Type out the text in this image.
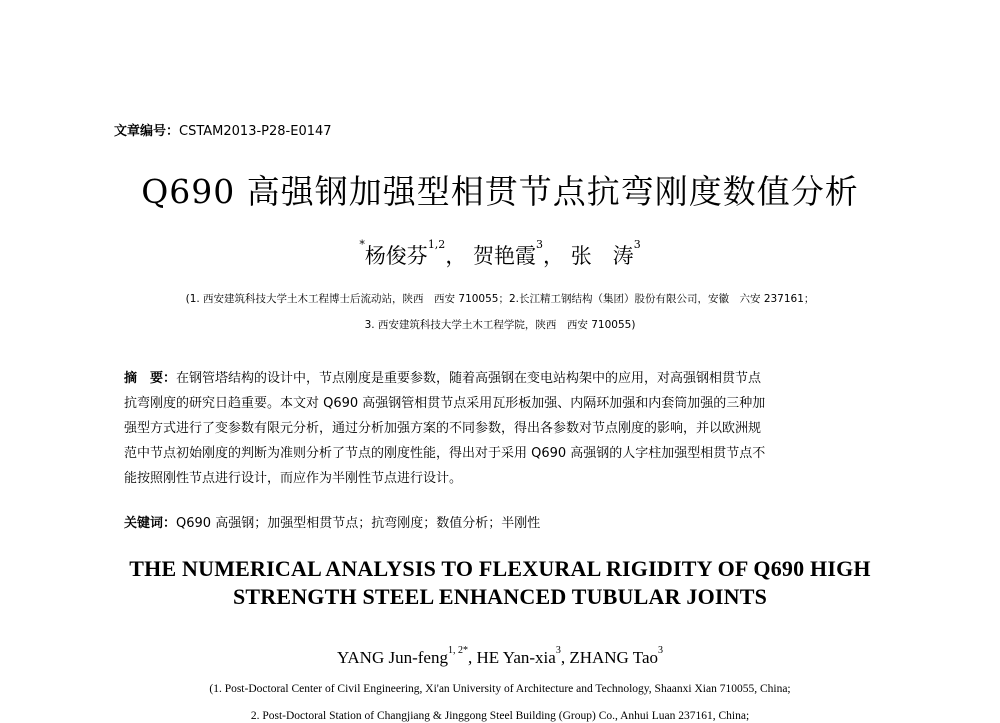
文章编号：CSTAM2013-P28-E0147
Q690 高强钢加强型相贯节点抗弯刚度数值分析
*杨俊芬$^{1,2}$， 贺艳霞$^3$， 张　涛$^3$
(1. 西安建筑科技大学土木工程博士后流动站，陕西　西安 710055；2.长江精工钢结构（集团）股份有限公司，安徽　六安 237161；
3. 西安建筑科技大学土木工程学院，陕西　西安 710055)
摘　要：在钢管塔结构的设计中，节点刚度是重要参数，随着高强钢在变电站构架中的应用，对高强钢相贯节点
抗弯刚度的研究日趋重要。本文对 Q690 高强钢管相贯节点采用瓦形板加强、内隔环加强和内套筒加强的三种加
强型方式进行了变参数有限元分析，通过分析加强方案的不同参数，得出各参数对节点刚度的影响，并以欧洲规
范中节点初始刚度的判断为准则分析了节点的刚度性能，得出对于采用 Q690 高强钢的人字柱加强型相贯节点不
能按照刚性节点进行设计，而应作为半刚性节点进行设计。
关键词：Q690 高强钢；加强型相贯节点；抗弯刚度；数值分析；半刚性
THE NUMERICAL ANALYSIS TO FLEXURAL RIGIDITY OF Q690 HIGH
STRENGTH STEEL ENHANCED TUBULAR JOINTS
YANG Jun-feng$^{1, 2*}$, HE Yan-xia$^3$, ZHANG Tao$^3$
(1. Post-Doctoral Center of Civil Engineering, Xi'an University of Architecture and Technology, Shaanxi Xian 710055, China;
2. Post-Doctoral Station of Changjiang & Jinggong Steel Building (Group) Co., Anhui Luan 237161, China;
